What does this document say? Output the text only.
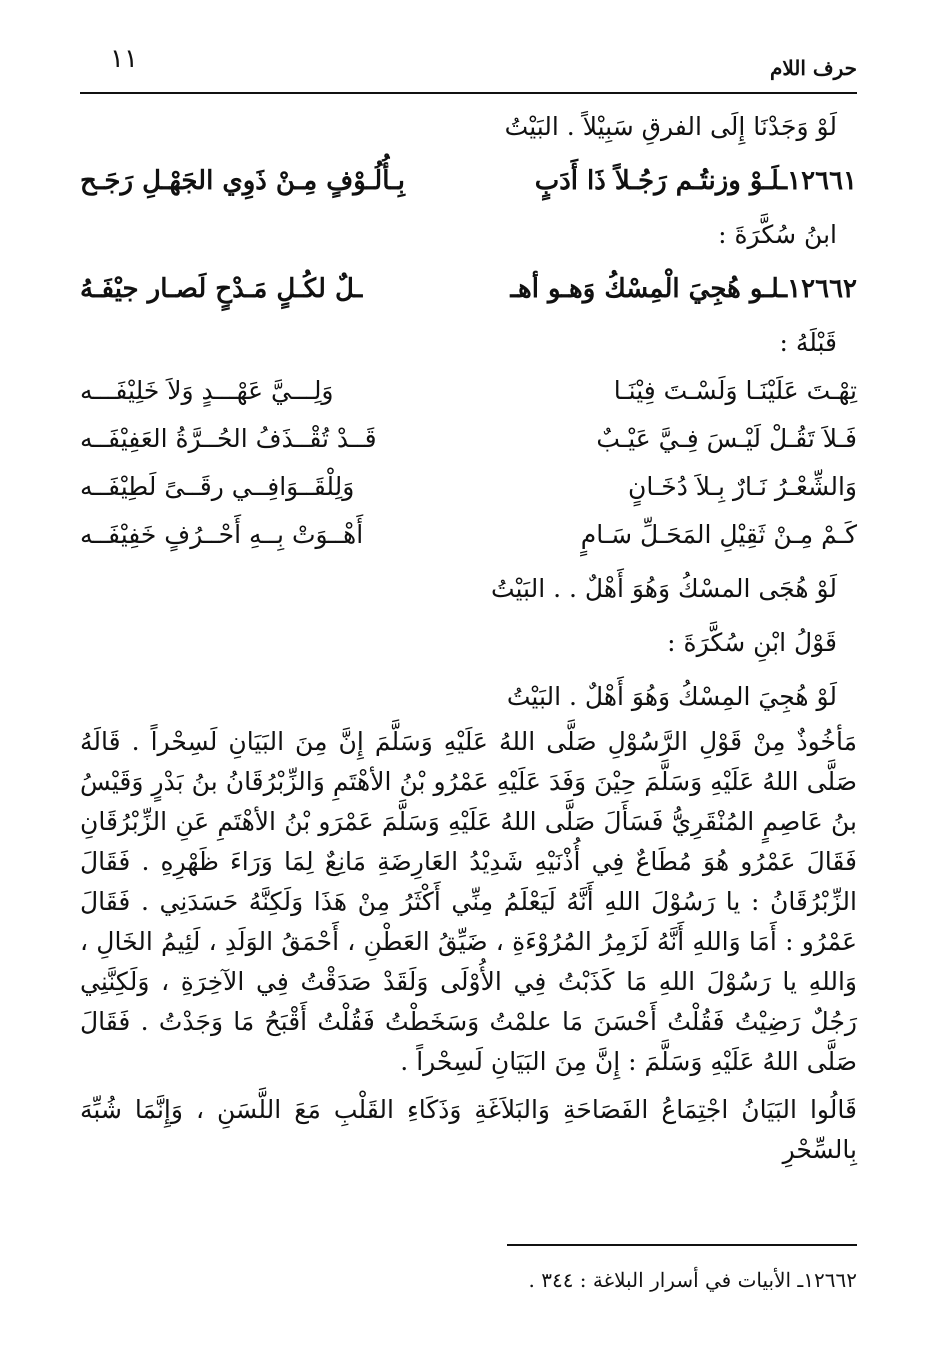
١١	حرف اللام

لَوْ وَجَدْنَا إِلَى الفرقِ سَبِيْلاً . البَيْتُ

١٢٦٦١ـلَـوْ وزنتُـم رَجُـلاً ذَا أَدَبٍ
بِـأُلُـوْفٍ مِـنْ ذَوِي الجَهْـلِ رَجَـح

ابنُ سُكَّرَةَ :

١٢٦٦٢ـلـو هُجِيَ الْمِسْكُ وَهـو أهـ
ـلٌ لكُـلٍ مَـدْحٍ لَصـار جيْفَـهُ

قَبْلَهُ :

تِهْـتَ عَلَيْنَـا وَلَسْـتَ فِيْنَـا
وَلِـــيَّ عَهْـــدٍ وَلاَ خَلِيْفَـــه
فَـلاَ تَقُـلْ لَيْـسَ فِـيَّ عَيْـبٌ
قَــدْ تُقْــذَفُ الحُــرَّةُ العَفِيْفَــه
وَالشِّعْـرُ نَـارٌ بِـلاَ دُخَـانٍ
وَلِلْقَــوَافِــي رقَــىً لَطِيْفَــه
كَـمْ مِـنْ ثَقِيْلِ المَحَـلِّ سَـامٍ
أَهْــوَتْ بِــهِ أَحْــرُفٍ خَفِيْفَــه

لَوْ هُجَى المسْكُ وَهُوَ أَهْلٌ . . البَيْتُ

قَوْلُ ابْنِ سُكَّرَةَ :

لَوْ هُجِيَ المِسْكُ وَهُوَ أَهْلٌ . البَيْتُ

مَأخُوذٌ مِنْ قَوْلِ الرَّسُوْلِ صَلَّى اللهُ عَلَيْهِ وَسَلَّمَ إِنَّ مِنَ البَيَانِ لَسِحْراً . قَالَهُ صَلَّى اللهُ عَلَيْهِ وَسَلَّمَ حِيْنَ وَفَدَ عَلَيْهِ عَمْرُو بْنُ الأهْتَمِ وَالزِّبْرُقَانُ بنُ بَدْرٍ وَقَيْسُ بنُ عَاصِمٍ المُنْقَرِيُّ فَسَأَلَ صَلَّى اللهُ عَلَيْهِ وَسَلَّمَ عَمْرَو بْنُ الأهْتَمِ عَنِ الزِّبْرُقَانِ فَقَالَ عَمْرُو هُوَ مُطَاعٌ فِي أُذْنَيْهِ شَدِيْدُ العَارِضَةِ مَانِعٌ لِمَا وَرَاءَ ظَهْرِهِ . فَقَالَ الزِّبْرُقَانُ : يا رَسُوْلَ اللهِ أَنَّهُ لَيَعْلَمُ مِنِّي أَكْثَرُ مِنْ هَذَا وَلَكِنَّهُ حَسَدَنِي . فَقَالَ عَمْرُو : أَمَا وَاللهِ أَنَّهُ لَزَمِرُ المُرُوْءَةِ ، ضَيِّقُ العَطْنِ ، أَحْمَقُ الوَلَدِ ، لَئِيمُ الخَالِ ، وَاللهِ يا رَسُوْلَ اللهِ مَا كَذَبْتُ فِي الأُوْلَى وَلَقَدْ صَدَقْتُ فِي الآخِرَةِ ، وَلَكِنَّنِي رَجُلٌ رَضِيْتُ فَقُلْتُ أَحْسَنَ مَا علمْتُ وَسَخَطْتُ فَقُلْتُ أَقْبَحُ مَا وَجَدْتُ . فَقَالَ صَلَّى اللهُ عَلَيْهِ وَسَلَّمَ : إِنَّ مِنَ البَيَانِ لَسِحْراً .

قَالُوا البَيَانُ اجْتِمَاعُ الفَصَاحَةِ وَالبَلاَغَةِ وَذَكَاءِ القَلْبِ مَعَ اللَّسَنِ ، وَإِنَّمَا شُبِّهَ بِالسِّحْرِ

١٢٦٦٢ـ الأبيات في أسرار البلاغة : ٣٤٤ .
